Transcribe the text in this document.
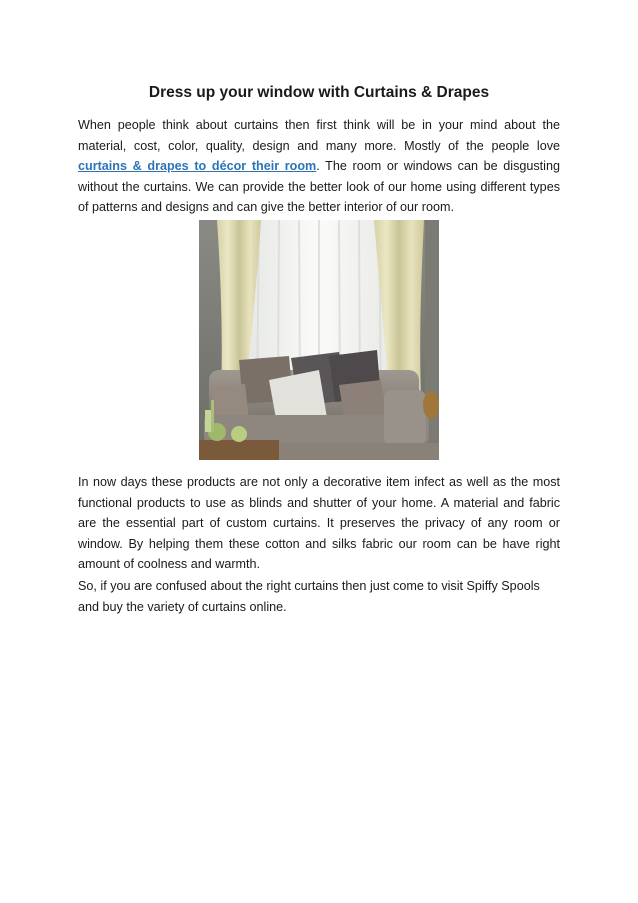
Dress up your window with Curtains & Drapes

When people think about curtains then first think will be in your mind about the material, cost, color, quality, design and many more. Mostly of the people love curtains & drapes to décor their room. The room or windows can be disgusting without the curtains. We can provide the better look of our home using different types of patterns and designs and can give the better interior of our room.

In now days these products are not only a decorative item infect as well as the most functional products to use as blinds and shutter of your home. A material and fabric are the essential part of custom curtains. It preserves the privacy of any room or window. By helping them these cotton and silks fabric our room can be have right amount of coolness and warmth.

So, if you are confused about the right curtains then just come to visit Spiffy Spools and buy the variety of curtains online.
